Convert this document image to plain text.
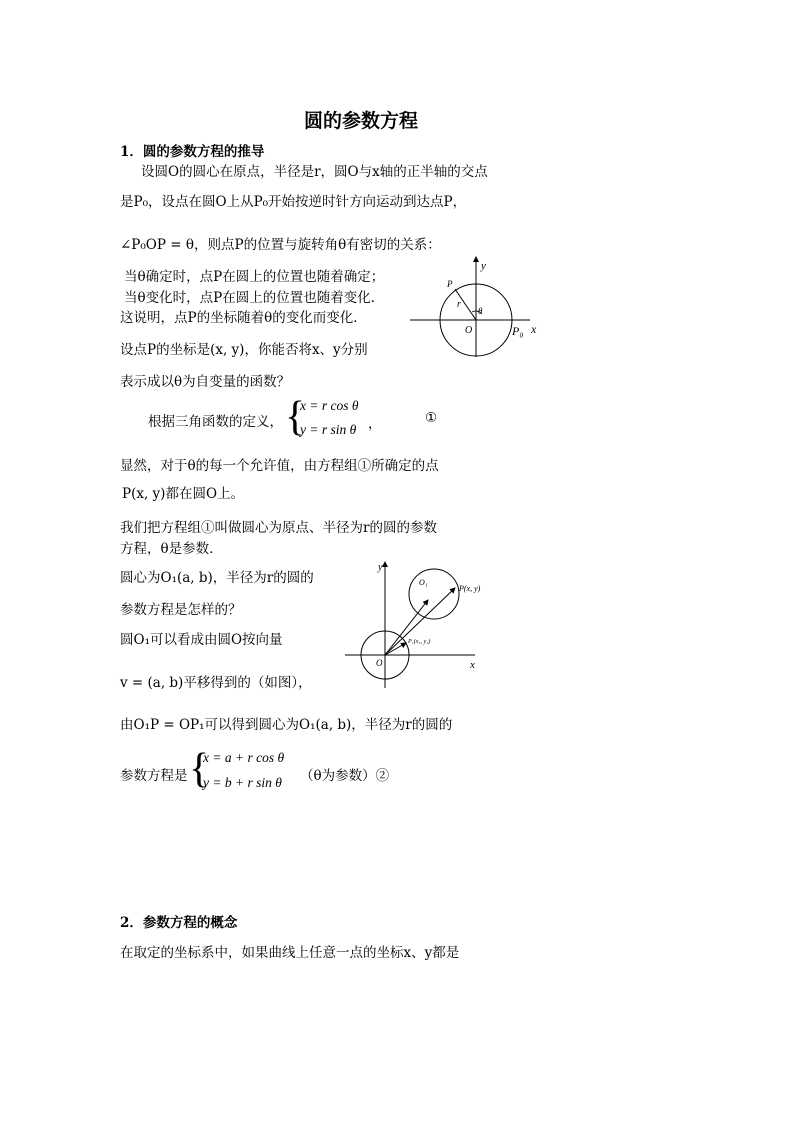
圆的参数方程
1．圆的参数方程的推导
设圆O的圆心在原点，半径是r，圆O与x轴的正半轴的交点
是P₀，设点在圆O上从P₀开始按逆时针方向运动到达点P，
∠P₀OP = θ，则点P的位置与旋转角θ有密切的关系：
当θ确定时，点P在圆上的位置也随着确定；
当θ变化时，点P在圆上的位置也随着变化．
这说明，点P的坐标随着θ的变化而变化．
设点P的坐标是(x, y)，你能否将x、y分别
表示成以θ为自变量的函数？
根据三角函数的定义， {
x = r cos θ
y = r sin θ ，	①
显然，对于θ的每一个允许值，由方程组①所确定的点
P(x, y)都在圆O上。
我们把方程组①叫做圆心为原点、半径为r的圆的参数
方程，θ是参数．
圆心为O₁(a, b)，半径为r的圆的
参数方程是怎样的？
圆O₁可以看成由圆O按向量
v = (a, b)平移得到的（如图），
由O₁P = OP₁可以得到圆心为O₁(a, b)，半径为r的圆的
参数方程是 {
x = a + r cos θ
y = b + r sin θ （θ为参数）②
2．参数方程的概念
在取定的坐标系中，如果曲线上任意一点的坐标x、y都是
y
x
O
P
P₀
r
θ
y
x
O
O₁
P(x, y)
P₁(x₁, y₁)
